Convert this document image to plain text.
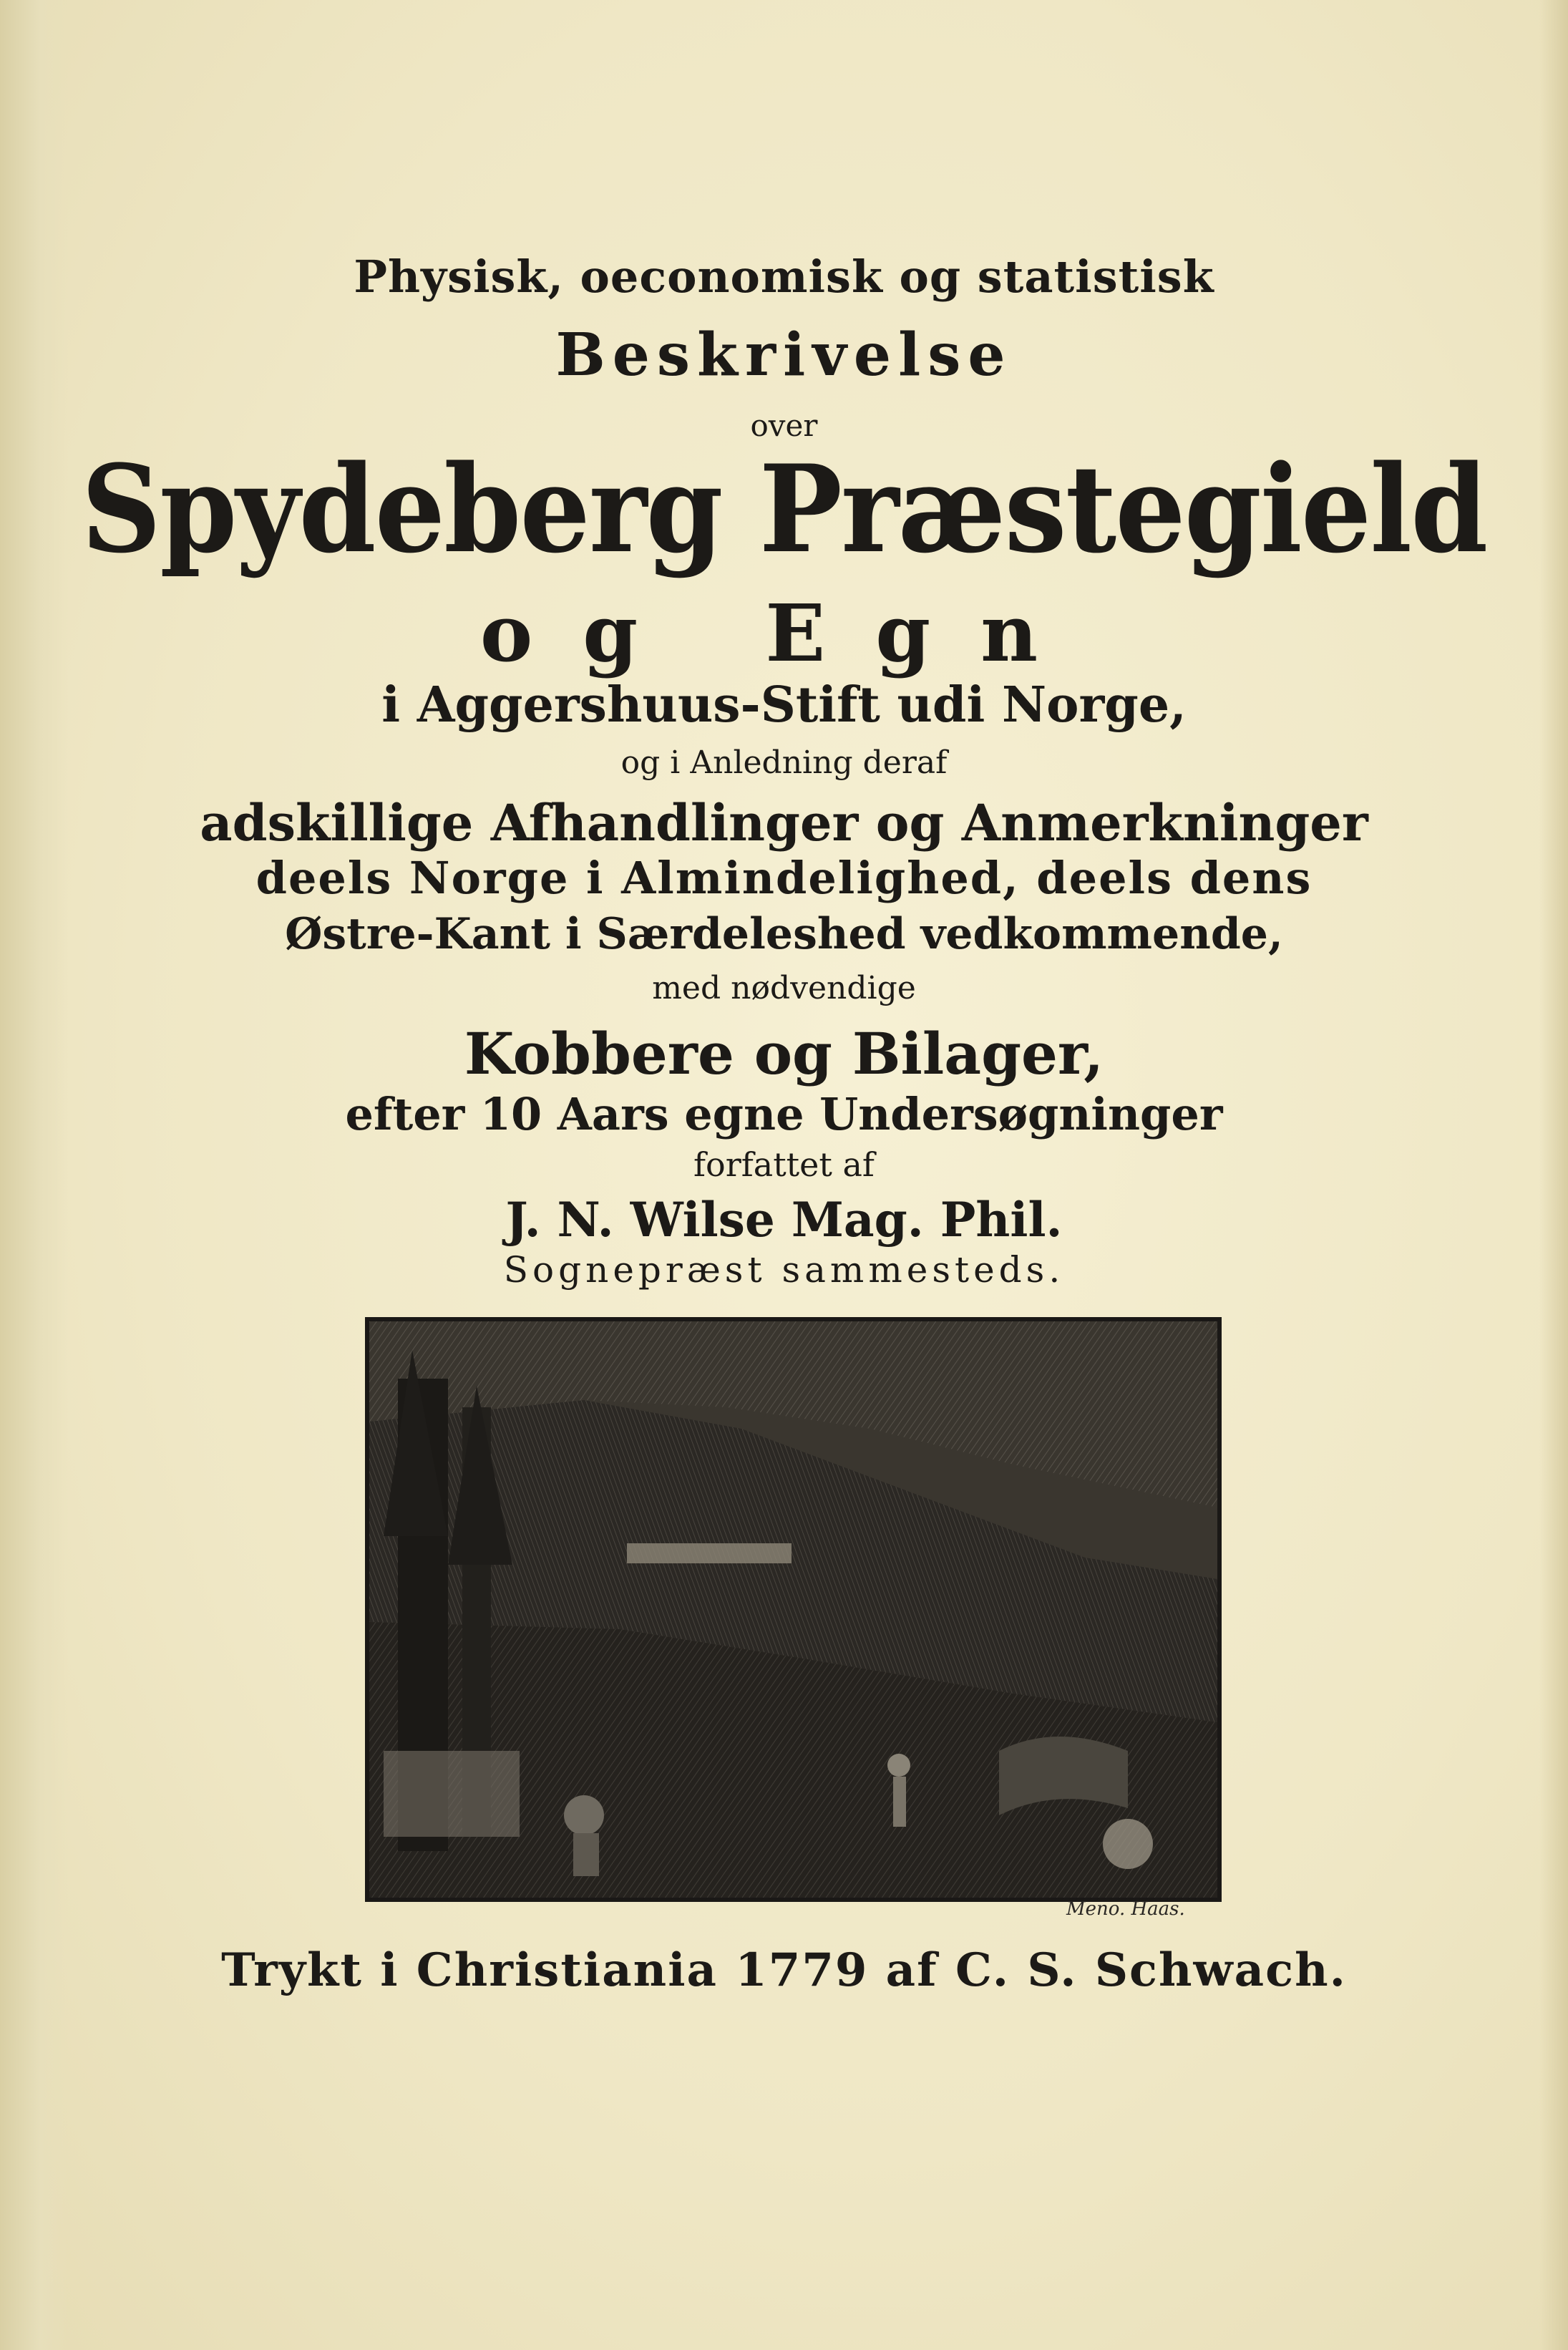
Physisk, oeconomisk og statistisk
Beskrivelse
over
Spydeberg Præstegield
og Egn
i Aggershuus-Stift udi Norge,
og i Anledning deraf
adskillige Afhandlinger og Anmerkninger
deels Norge i Almindelighed, deels dens
Østre-Kant i Særdeleshed vedkommende,
med nødvendige
Kobbere og Bilager,
efter 10 Aars egne Undersøgninger
forfattet af
J. N. Wilse Mag. Phil.
Sognepræst sammesteds.
Meno. Haas.
Trykt i Christiania 1779 af C. S. Schwach.
